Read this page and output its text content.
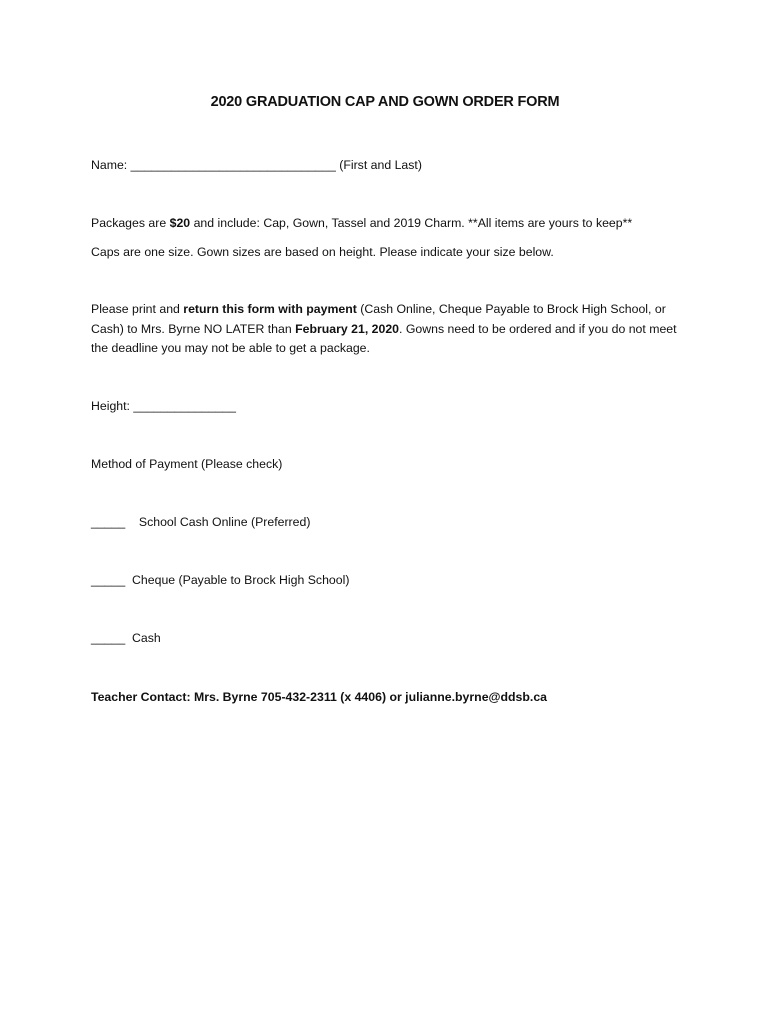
2020 GRADUATION CAP AND GOWN ORDER FORM
Name: ______________________________ (First and Last)
Packages are $20 and include: Cap, Gown, Tassel and 2019 Charm. **All items are yours to keep**
Caps are one size. Gown sizes are based on height. Please indicate your size below.
Please print and return this form with payment (Cash Online, Cheque Payable to Brock High School, or Cash) to Mrs. Byrne NO LATER than February 21, 2020. Gowns need to be ordered and if you do not meet the deadline you may not be able to get a package.
Height: _______________
Method of Payment (Please check)
_____ School Cash Online (Preferred)
_____ Cheque (Payable to Brock High School)
_____ Cash
Teacher Contact: Mrs. Byrne 705-432-2311 (x 4406) or julianne.byrne@ddsb.ca
